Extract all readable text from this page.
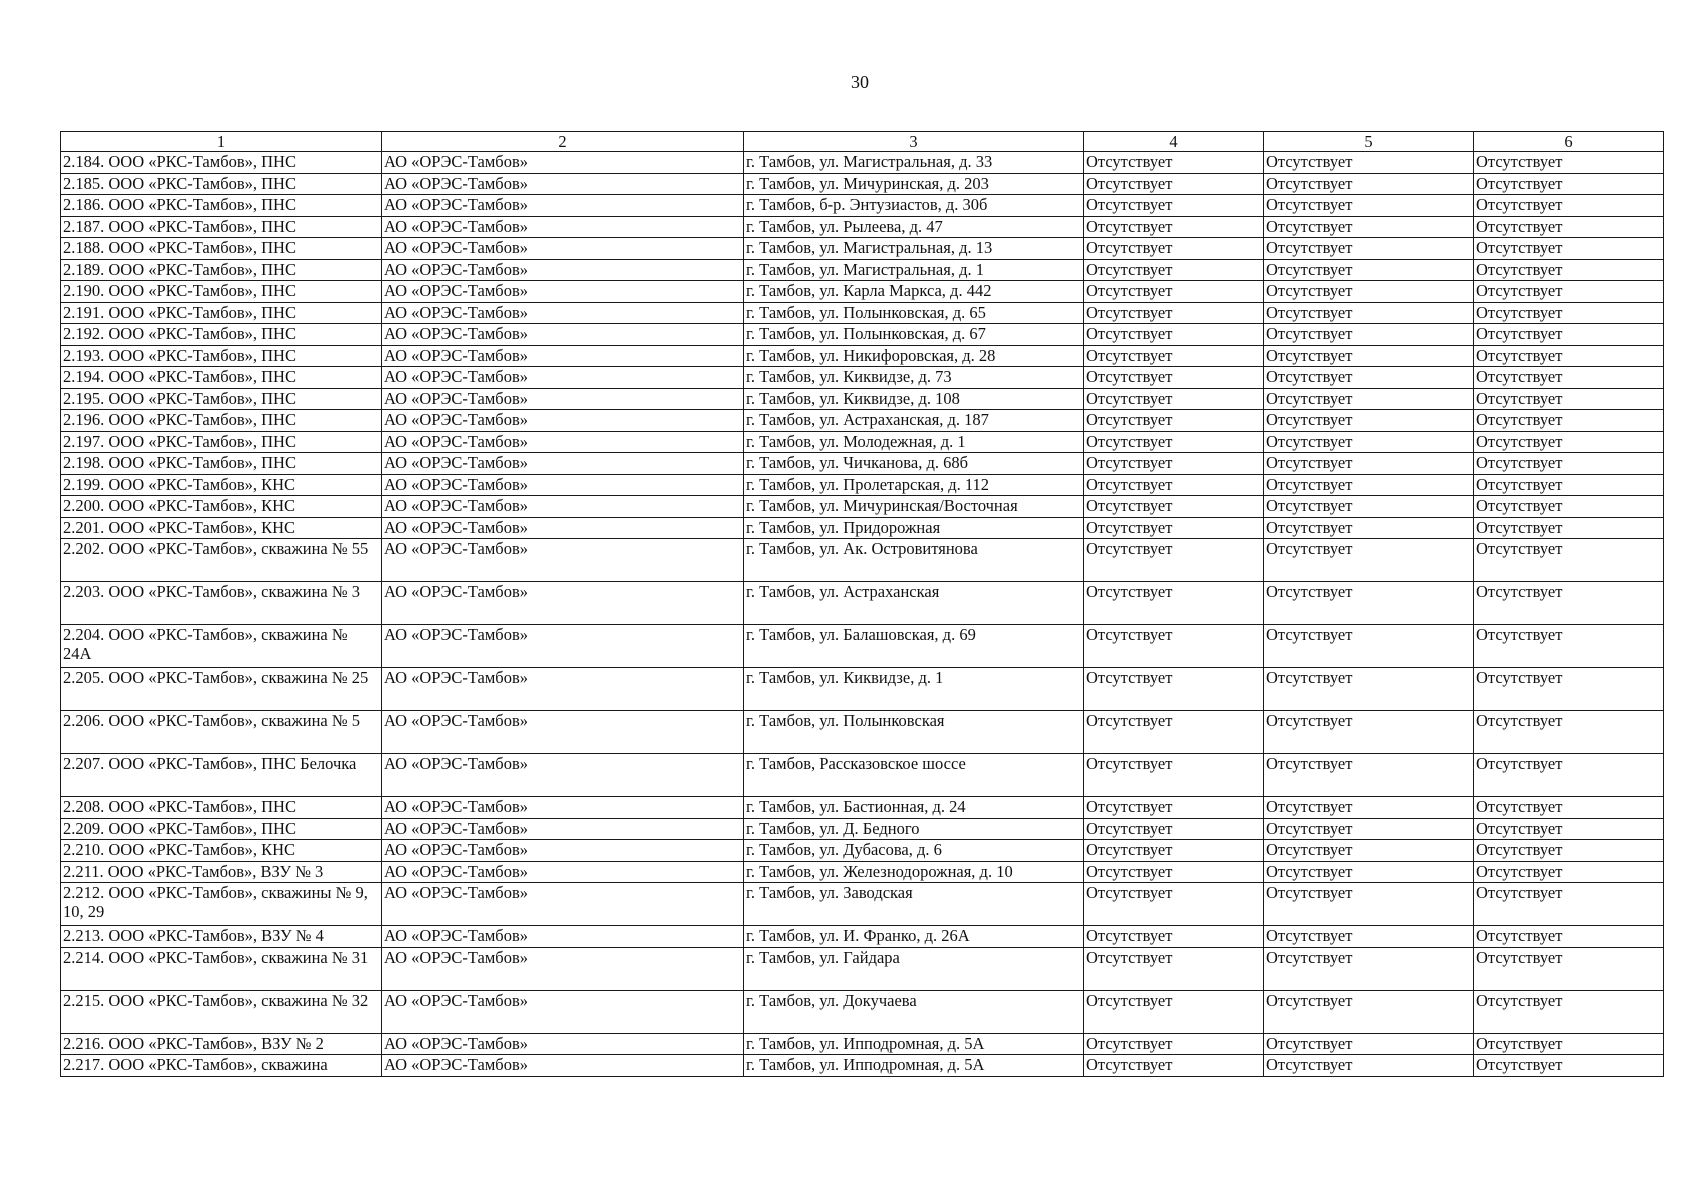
30
1	2	3	4	5	6
2.184. ООО «РКС-Тамбов», ПНС	АО «ОРЭС-Тамбов»	г. Тамбов, ул. Магистральная, д. 33	Отсутствует	Отсутствует	Отсутствует
2.185. ООО «РКС-Тамбов», ПНС	АО «ОРЭС-Тамбов»	г. Тамбов, ул. Мичуринская, д. 203	Отсутствует	Отсутствует	Отсутствует
2.186. ООО «РКС-Тамбов», ПНС	АО «ОРЭС-Тамбов»	г. Тамбов, б-р. Энтузиастов, д. 30б	Отсутствует	Отсутствует	Отсутствует
2.187. ООО «РКС-Тамбов», ПНС	АО «ОРЭС-Тамбов»	г. Тамбов, ул. Рылеева, д. 47	Отсутствует	Отсутствует	Отсутствует
2.188. ООО «РКС-Тамбов», ПНС	АО «ОРЭС-Тамбов»	г. Тамбов, ул. Магистральная, д. 13	Отсутствует	Отсутствует	Отсутствует
2.189. ООО «РКС-Тамбов», ПНС	АО «ОРЭС-Тамбов»	г. Тамбов, ул. Магистральная, д. 1	Отсутствует	Отсутствует	Отсутствует
2.190. ООО «РКС-Тамбов», ПНС	АО «ОРЭС-Тамбов»	г. Тамбов, ул. Карла Маркса, д. 442	Отсутствует	Отсутствует	Отсутствует
2.191. ООО «РКС-Тамбов», ПНС	АО «ОРЭС-Тамбов»	г. Тамбов, ул. Полынковская, д. 65	Отсутствует	Отсутствует	Отсутствует
2.192. ООО «РКС-Тамбов», ПНС	АО «ОРЭС-Тамбов»	г. Тамбов, ул. Полынковская, д. 67	Отсутствует	Отсутствует	Отсутствует
2.193. ООО «РКС-Тамбов», ПНС	АО «ОРЭС-Тамбов»	г. Тамбов, ул. Никифоровская, д. 28	Отсутствует	Отсутствует	Отсутствует
2.194. ООО «РКС-Тамбов», ПНС	АО «ОРЭС-Тамбов»	г. Тамбов, ул. Киквидзе, д. 73	Отсутствует	Отсутствует	Отсутствует
2.195. ООО «РКС-Тамбов», ПНС	АО «ОРЭС-Тамбов»	г. Тамбов, ул. Киквидзе, д. 108	Отсутствует	Отсутствует	Отсутствует
2.196. ООО «РКС-Тамбов», ПНС	АО «ОРЭС-Тамбов»	г. Тамбов, ул. Астраханская, д. 187	Отсутствует	Отсутствует	Отсутствует
2.197. ООО «РКС-Тамбов», ПНС	АО «ОРЭС-Тамбов»	г. Тамбов, ул. Молодежная, д. 1	Отсутствует	Отсутствует	Отсутствует
2.198. ООО «РКС-Тамбов», ПНС	АО «ОРЭС-Тамбов»	г. Тамбов, ул. Чичканова, д. 68б	Отсутствует	Отсутствует	Отсутствует
2.199. ООО «РКС-Тамбов», КНС	АО «ОРЭС-Тамбов»	г. Тамбов, ул. Пролетарская, д. 112	Отсутствует	Отсутствует	Отсутствует
2.200. ООО «РКС-Тамбов», КНС	АО «ОРЭС-Тамбов»	г. Тамбов, ул. Мичуринская/Восточная	Отсутствует	Отсутствует	Отсутствует
2.201. ООО «РКС-Тамбов», КНС	АО «ОРЭС-Тамбов»	г. Тамбов, ул. Придорожная	Отсутствует	Отсутствует	Отсутствует
2.202. ООО «РКС-Тамбов», скважина № 55	АО «ОРЭС-Тамбов»	г. Тамбов, ул. Ак. Островитянова	Отсутствует	Отсутствует	Отсутствует
2.203. ООО «РКС-Тамбов», скважина № 3	АО «ОРЭС-Тамбов»	г. Тамбов, ул. Астраханская	Отсутствует	Отсутствует	Отсутствует
2.204. ООО «РКС-Тамбов», скважина № 24А	АО «ОРЭС-Тамбов»	г. Тамбов, ул. Балашовская, д. 69	Отсутствует	Отсутствует	Отсутствует
2.205. ООО «РКС-Тамбов», скважина № 25	АО «ОРЭС-Тамбов»	г. Тамбов, ул. Киквидзе, д. 1	Отсутствует	Отсутствует	Отсутствует
2.206. ООО «РКС-Тамбов», скважина № 5	АО «ОРЭС-Тамбов»	г. Тамбов, ул. Полынковская	Отсутствует	Отсутствует	Отсутствует
2.207. ООО «РКС-Тамбов», ПНС Белочка	АО «ОРЭС-Тамбов»	г. Тамбов, Рассказовское шоссе	Отсутствует	Отсутствует	Отсутствует
2.208. ООО «РКС-Тамбов», ПНС	АО «ОРЭС-Тамбов»	г. Тамбов, ул. Бастионная, д. 24	Отсутствует	Отсутствует	Отсутствует
2.209. ООО «РКС-Тамбов», ПНС	АО «ОРЭС-Тамбов»	г. Тамбов, ул. Д. Бедного	Отсутствует	Отсутствует	Отсутствует
2.210. ООО «РКС-Тамбов», КНС	АО «ОРЭС-Тамбов»	г. Тамбов, ул. Дубасова, д. 6	Отсутствует	Отсутствует	Отсутствует
2.211. ООО «РКС-Тамбов», ВЗУ № 3	АО «ОРЭС-Тамбов»	г. Тамбов, ул. Железнодорожная, д. 10	Отсутствует	Отсутствует	Отсутствует
2.212. ООО «РКС-Тамбов», скважины № 9, 10, 29	АО «ОРЭС-Тамбов»	г. Тамбов, ул. Заводская	Отсутствует	Отсутствует	Отсутствует
2.213. ООО «РКС-Тамбов», ВЗУ № 4	АО «ОРЭС-Тамбов»	г. Тамбов, ул. И. Франко, д. 26А	Отсутствует	Отсутствует	Отсутствует
2.214. ООО «РКС-Тамбов», скважина № 31	АО «ОРЭС-Тамбов»	г. Тамбов, ул. Гайдара	Отсутствует	Отсутствует	Отсутствует
2.215. ООО «РКС-Тамбов», скважина № 32	АО «ОРЭС-Тамбов»	г. Тамбов, ул. Докучаева	Отсутствует	Отсутствует	Отсутствует
2.216. ООО «РКС-Тамбов», ВЗУ № 2	АО «ОРЭС-Тамбов»	г. Тамбов, ул. Ипподромная, д. 5А	Отсутствует	Отсутствует	Отсутствует
2.217. ООО «РКС-Тамбов», скважина	АО «ОРЭС-Тамбов»	г. Тамбов, ул. Ипподромная, д. 5А	Отсутствует	Отсутствует	Отсутствует
